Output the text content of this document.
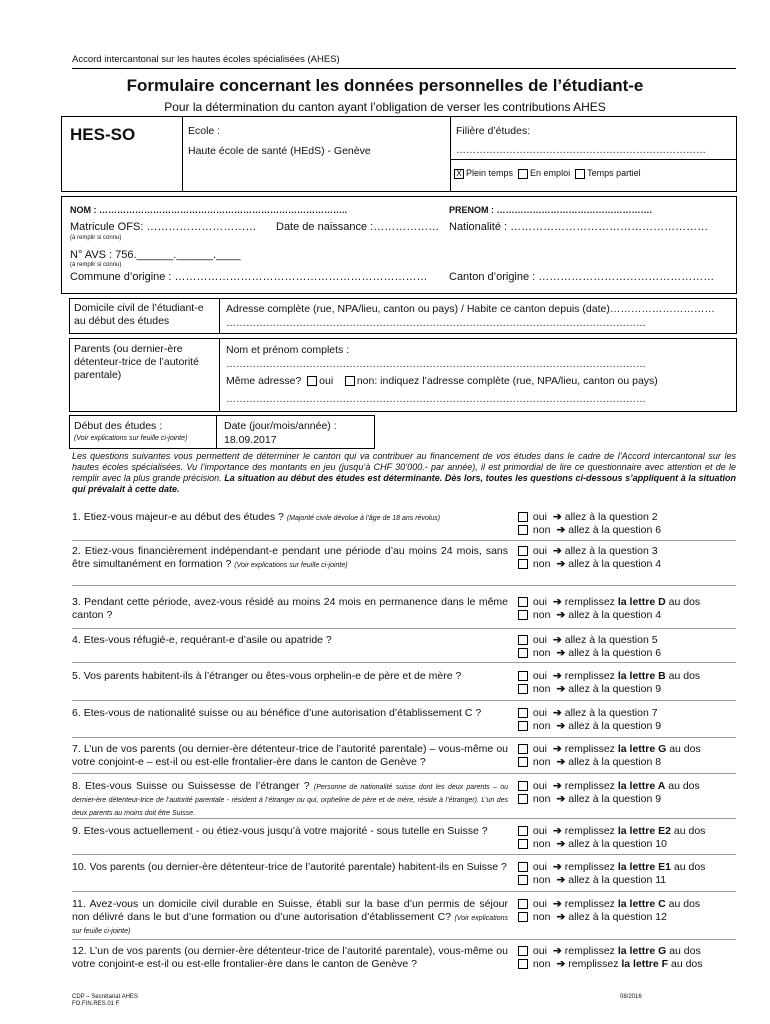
Accord intercantonal sur les hautes écoles spécialisées (AHES)
Formulaire concernant les données personnelles de l’étudiant-e
Pour la détermination du canton ayant l’obligation de verser les contributions AHES
HES-SO	Ecole :
Haute école de santé (HEdS) - Genève
Filière d’études:
…………………………………………………………………
X Plein temps En emploi Temps partiel
NOM : ………………………………………………………………………..	PRENOM : …………………………………………….
Matricule OFS: …………………………
(à remplir si connu)
Date de naissance :……………… Nationalité : ………………………………………………
N° AVS : 756.______.______.____
(à remplir si connu)
Commune d’origine : …………………………………………………………… Canton d’origine : …………………………………………
Domicile civil de l’étudiant-e au début des études
Adresse complète (rue, NPA/lieu, canton ou pays) / Habite ce canton depuis (date)…………………………
………………………………………………………………………………………………………………
Parents (ou dernier-ère détenteur-trice de l’autorité parentale)
Nom et prénom complets :
………………………………………………………………………………………………………………
Même adresse? oui non: indiquez l’adresse complète (rue, NPA/lieu, canton ou pays)
………………………………………………………………………………………………………………
Début des études :
(Voir explications sur feuille ci-jointe)
Date (jour/mois/année) :
18.09.2017
Les questions suivantes vous permettent de déterminer le canton qui va contribuer au financement de vos études dans le cadre de l’Accord intercantonal sur les hautes écoles spécialisées. Vu l’importance des montants en jeu (jusqu’à CHF 30’000.- par année), il est primordial de lire ce questionnaire avec attention et de le remplir avec la plus grande précision. La situation au début des études est déterminante. Dès lors, toutes les questions ci-dessous s’appliquent à la situation qui prévalait à cette date.
1. Etiez-vous majeur-e au début des études ? (Majorité civile dévolue à l’âge de 18 ans révolus)	oui ➔ allez à la question 2
non ➔ allez à la question 6
2. Etiez-vous financièrement indépendant-e pendant une période d’au moins 24 mois, sans être simultanément en formation ? (Voir explications sur feuille ci-jointe)
oui ➔ allez à la question 3
non ➔ allez à la question 4
3. Pendant cette période, avez-vous résidé au moins 24 mois en permanence dans le même canton ?
oui ➔ remplissez la lettre D au dos
non ➔ allez à la question 4
4. Etes-vous réfugié-e, requérant-e d’asile ou apatride ?	oui ➔ allez à la question 5
non ➔ allez à la question 6
5. Vos parents habitent-ils à l’étranger ou êtes-vous orphelin-e de père et de mère ?	oui ➔ remplissez la lettre B au dos
non ➔ allez à la question 9
6. Etes-vous de nationalité suisse ou au bénéfice d’une autorisation d’établissement C ?	oui ➔ allez à la question 7
non ➔ allez à la question 9
7. L’un de vos parents (ou dernier-ère détenteur-trice de l’autorité parentale) – vous-même ou votre conjoint-e – est-il ou est-elle frontalier-ère dans le canton de Genève ?
oui ➔ remplissez la lettre G au dos
non ➔ allez à la question 8
8. Etes-vous Suisse ou Suissesse de l’étranger ? (Personne de nationalité suisse dont les deux parents – ou dernier-ère détenteur-trice de l’autorité parentale - résident à l’étranger ou qui, orpheline de père et de mère, réside à l’étranger). L’un des deux parents au moins doit être Suisse.
oui ➔ remplissez la lettre A au dos
non ➔ allez à la question 9
9. Etes-vous actuellement - ou étiez-vous jusqu’à votre majorité - sous tutelle en Suisse ?	oui ➔ remplissez la lettre E2 au dos
non ➔ allez à la question 10
10. Vos parents (ou dernier-ère détenteur-trice de l’autorité parentale) habitent-ils en Suisse ?	oui ➔ remplissez la lettre E1 au dos
non ➔ allez à la question 11
11. Avez-vous un domicile civil durable en Suisse, établi sur la base d’un permis de séjour non délivré dans le but d’une formation ou d’une autorisation d’établissement C? (Voir explications sur feuille ci-jointe)
oui ➔ remplissez la lettre C au dos
non ➔ allez à la question 12
12. L’un de vos parents (ou dernier-ère détenteur-trice de l’autorité parentale), vous-même ou votre conjoint-e est-il ou est-elle frontalier-ère dans le canton de Genève ?
oui ➔ remplissez la lettre G au dos
non ➔ remplissez la lettre F au dos
CDP – Secrétariat AHES
FO.FIN.RES.01 F
08/2016
